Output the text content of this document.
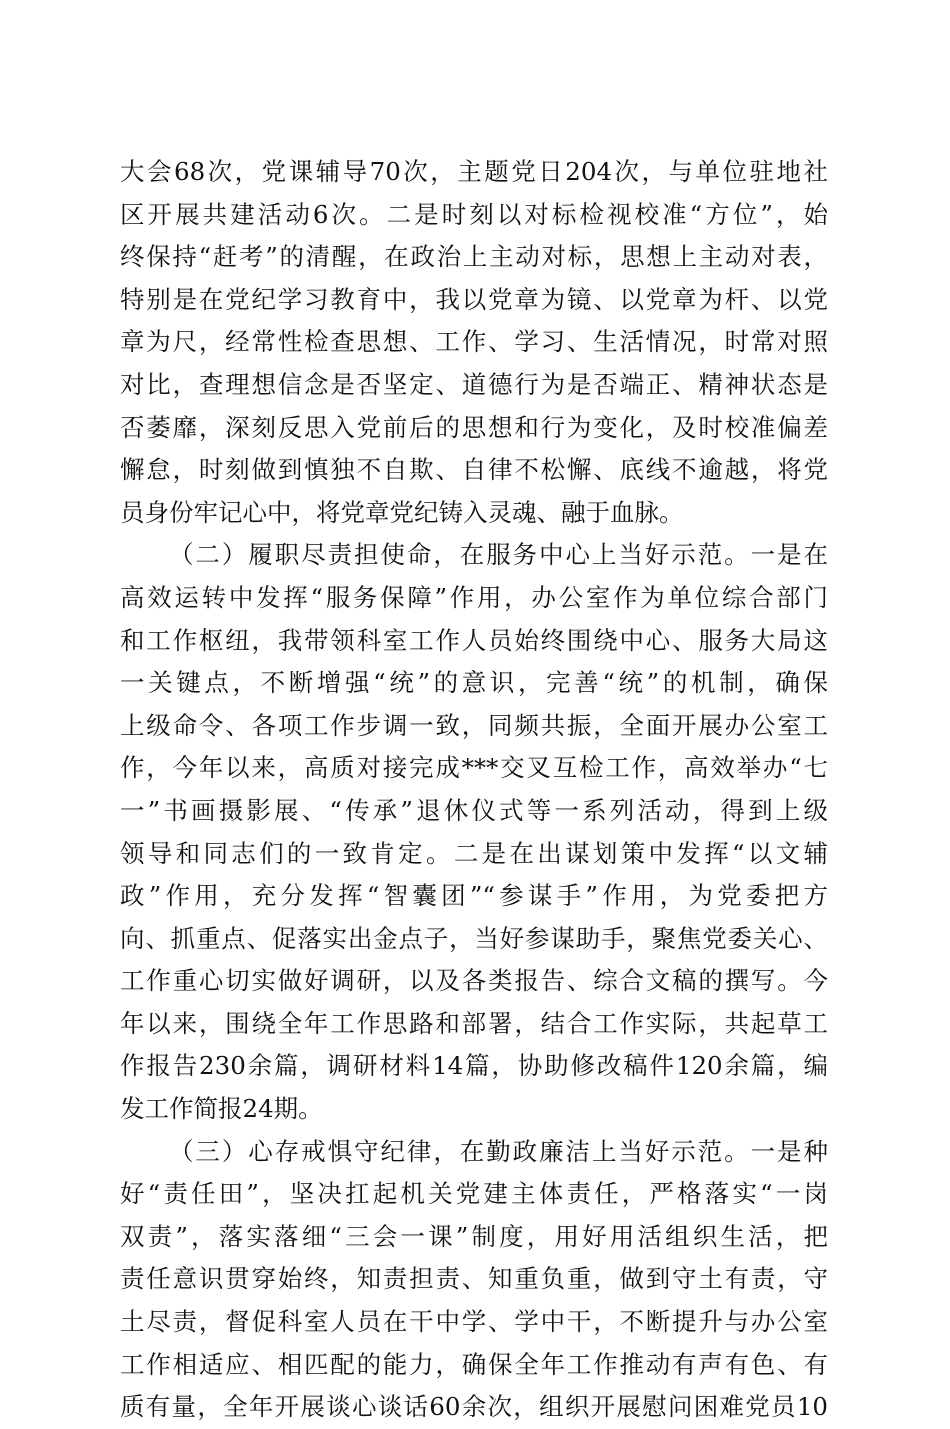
大会68次，党课辅导70次，主题党日204次，与单位驻地社
区开展共建活动6次。二是时刻以对标检视校准“方位”，始
终保持“赶考”的清醒，在政治上主动对标，思想上主动对表，
特别是在党纪学习教育中，我以党章为镜、以党章为杆、以党
章为尺，经常性检查思想、工作、学习、生活情况，时常对照
对比，查理想信念是否坚定、道德行为是否端正、精神状态是
否萎靡，深刻反思入党前后的思想和行为变化，及时校准偏差
懈怠，时刻做到慎独不自欺、自律不松懈、底线不逾越，将党
员身份牢记心中，将党章党纪铸入灵魂、融于血脉。
（二）履职尽责担使命，在服务中心上当好示范。一是在
高效运转中发挥“服务保障”作用，办公室作为单位综合部门
和工作枢纽，我带领科室工作人员始终围绕中心、服务大局这
一关键点，不断增强“统”的意识，完善“统”的机制，确保
上级命令、各项工作步调一致，同频共振，全面开展办公室工
作，今年以来，高质对接完成***交叉互检工作，高效举办“七
一”书画摄影展、“传承”退休仪式等一系列活动，得到上级
领导和同志们的一致肯定。二是在出谋划策中发挥“以文辅
政”作用，充分发挥“智囊团”“参谋手”作用，为党委把方
向、抓重点、促落实出金点子，当好参谋助手，聚焦党委关心、
工作重心切实做好调研，以及各类报告、综合文稿的撰写。今
年以来，围绕全年工作思路和部署，结合工作实际，共起草工
作报告230余篇，调研材料14篇，协助修改稿件120余篇，编
发工作简报24期。
（三）心存戒惧守纪律，在勤政廉洁上当好示范。一是种
好“责任田”，坚决扛起机关党建主体责任，严格落实“一岗
双责”，落实落细“三会一课”制度，用好用活组织生活，把
责任意识贯穿始终，知责担责、知重负重，做到守土有责，守
土尽责，督促科室人员在干中学、学中干，不断提升与办公室
工作相适应、相匹配的能力，确保全年工作推动有声有色、有
质有量，全年开展谈心谈话60余次，组织开展慰问困难党员10
